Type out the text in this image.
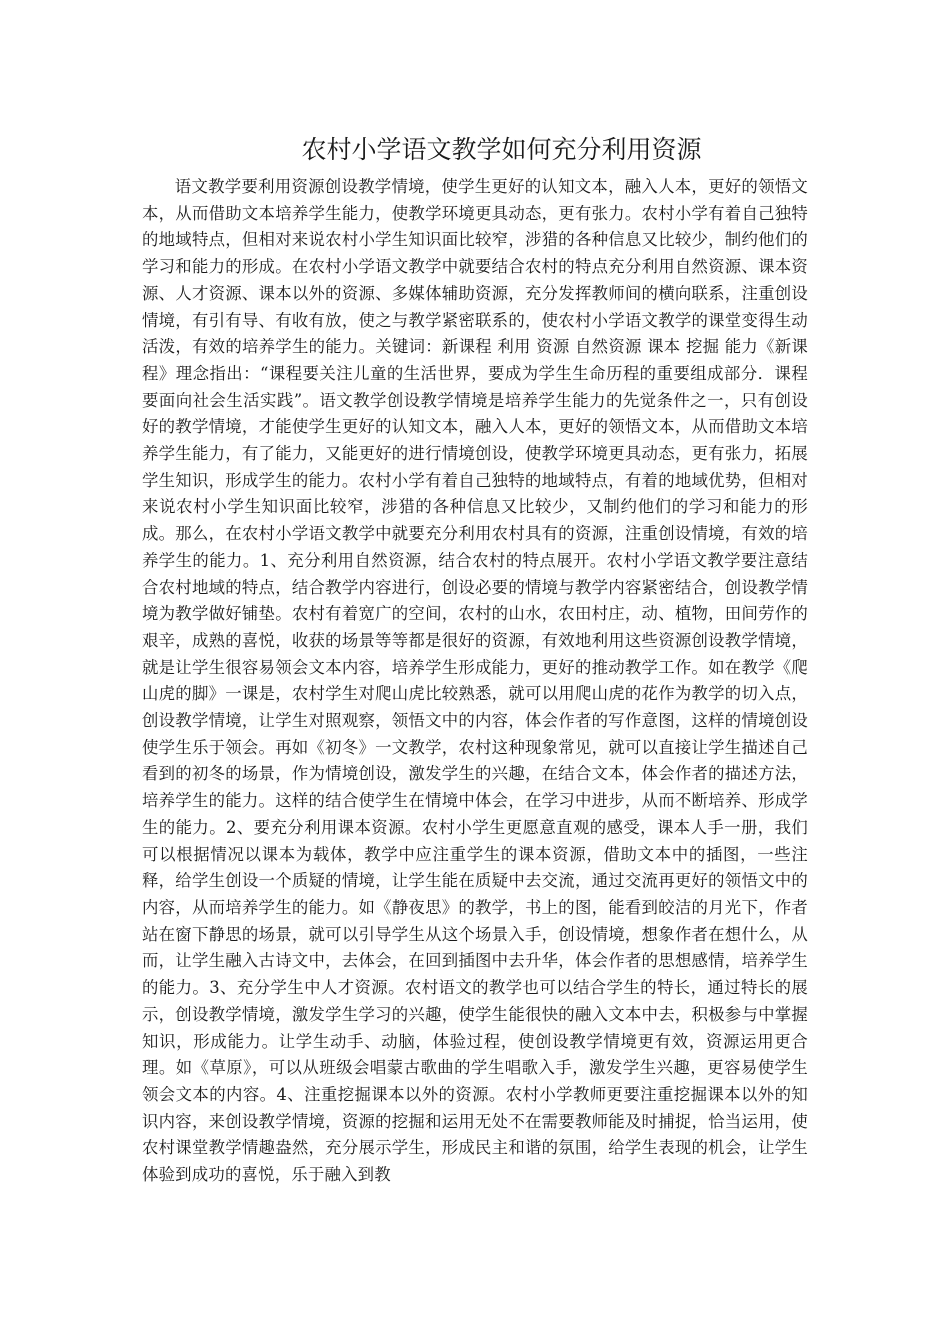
农村小学语文教学如何充分利用资源

语文教学要利用资源创设教学情境，使学生更好的认知文本，融入人本，更好的领悟文本，从而借助文本培养学生能力，使教学环境更具动态，更有张力。农村小学有着自己独特的地域特点，但相对来说农村小学生知识面比较窄，涉猎的各种信息又比较少，制约他们的学习和能力的形成。在农村小学语文教学中就要结合农村的特点充分利用自然资源、课本资源、人才资源、课本以外的资源、多媒体辅助资源，充分发挥教师间的横向联系，注重创设情境，有引有导、有收有放，使之与教学紧密联系的，使农村小学语文教学的课堂变得生动活泼，有效的培养学生的能力。关键词：新课程 利用 资源 自然资源 课本 挖掘 能力《新课程》理念指出：“课程要关注儿童的生活世界，要成为学生生命历程的重要组成部分．课程要面向社会生活实践”。语文教学创设教学情境是培养学生能力的先觉条件之一，只有创设好的教学情境，才能使学生更好的认知文本，融入人本，更好的领悟文本，从而借助文本培养学生能力，有了能力，又能更好的进行情境创设，使教学环境更具动态，更有张力，拓展学生知识，形成学生的能力。农村小学有着自己独特的地域特点，有着的地域优势，但相对来说农村小学生知识面比较窄，涉猎的各种信息又比较少，又制约他们的学习和能力的形成。那么，在农村小学语文教学中就要充分利用农村具有的资源，注重创设情境，有效的培养学生的能力。1、充分利用自然资源，结合农村的特点展开。农村小学语文教学要注意结合农村地域的特点，结合教学内容进行，创设必要的情境与教学内容紧密结合，创设教学情境为教学做好铺垫。农村有着宽广的空间，农村的山水，农田村庄，动、植物，田间劳作的艰辛，成熟的喜悦，收获的场景等等都是很好的资源，有效地利用这些资源创设教学情境，就是让学生很容易领会文本内容，培养学生形成能力，更好的推动教学工作。如在教学《爬山虎的脚》一课是，农村学生对爬山虎比较熟悉，就可以用爬山虎的花作为教学的切入点，创设教学情境，让学生对照观察，领悟文中的内容，体会作者的写作意图，这样的情境创设使学生乐于领会。再如《初冬》一文教学，农村这种现象常见，就可以直接让学生描述自己看到的初冬的场景，作为情境创设，激发学生的兴趣，在结合文本，体会作者的描述方法，培养学生的能力。这样的结合使学生在情境中体会，在学习中进步，从而不断培养、形成学生的能力。2、要充分利用课本资源。农村小学生更愿意直观的感受，课本人手一册，我们可以根据情况以课本为载体，教学中应注重学生的课本资源，借助文本中的插图，一些注释，给学生创设一个质疑的情境，让学生能在质疑中去交流，通过交流再更好的领悟文中的内容，从而培养学生的能力。如《静夜思》的教学，书上的图，能看到皎洁的月光下，作者站在窗下静思的场景，就可以引导学生从这个场景入手，创设情境，想象作者在想什么，从而，让学生融入古诗文中，去体会，在回到插图中去升华，体会作者的思想感情，培养学生的能力。3、充分学生中人才资源。农村语文的教学也可以结合学生的特长，通过特长的展示，创设教学情境，激发学生学习的兴趣，使学生能很快的融入文本中去，积极参与中掌握知识，形成能力。让学生动手、动脑，体验过程，使创设教学情境更有效，资源运用更合理。如《草原》，可以从班级会唱蒙古歌曲的学生唱歌入手，激发学生兴趣，更容易使学生领会文本的内容。4、注重挖掘课本以外的资源。农村小学教师更要注重挖掘课本以外的知识内容，来创设教学情境，资源的挖掘和运用无处不在需要教师能及时捕捉，恰当运用，使农村课堂教学情趣盎然，充分展示学生，形成民主和谐的氛围，给学生表现的机会，让学生体验到成功的喜悦，乐于融入到教
